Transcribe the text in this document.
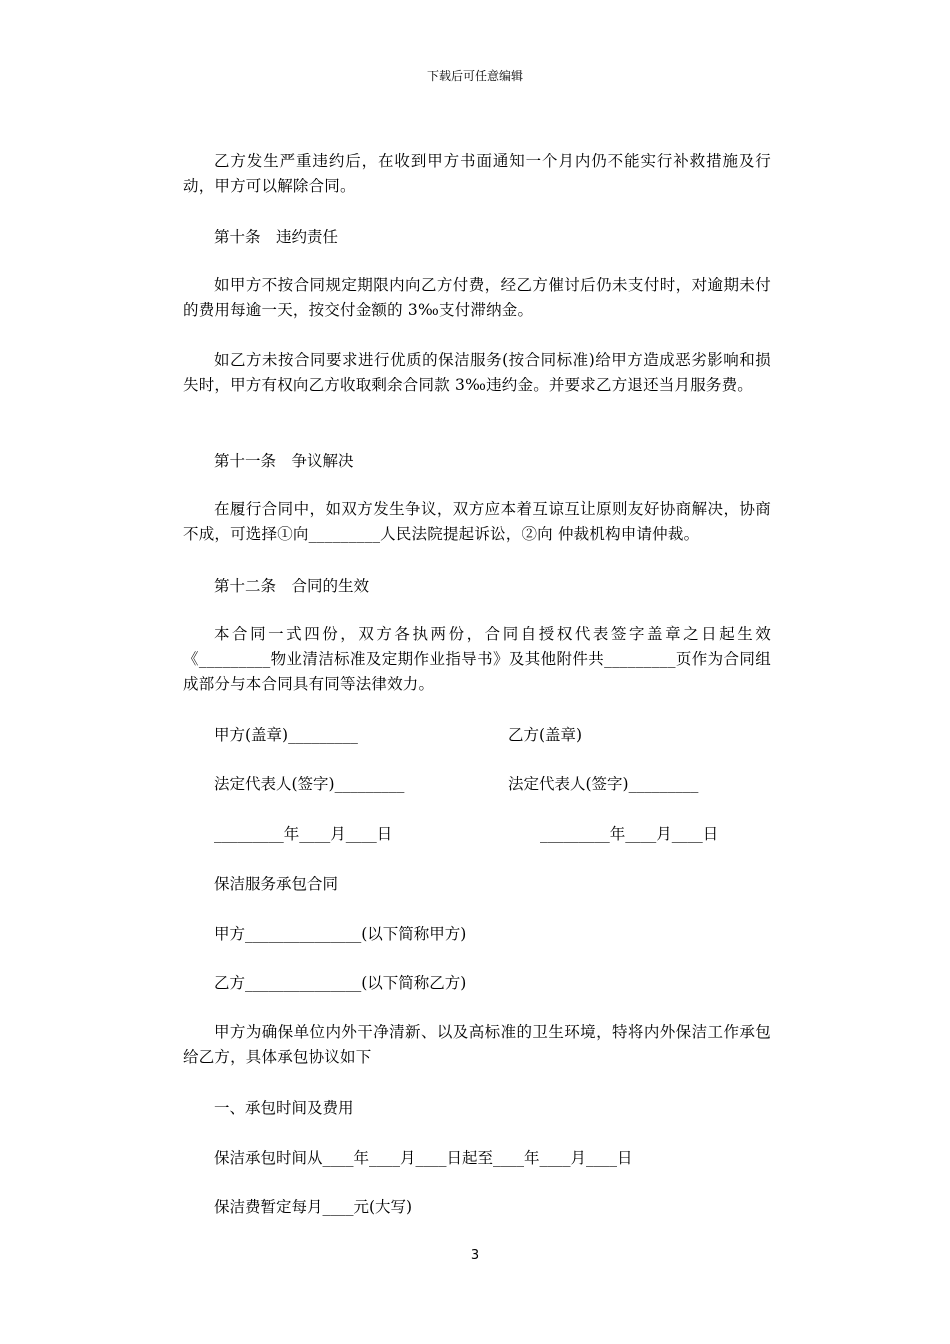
下载后可任意编辑
乙方发生严重违约后，在收到甲方书面通知一个月内仍不能实行补救措施及行动，甲方可以解除合同。
第十条　违约责任
如甲方不按合同规定期限内向乙方付费，经乙方催讨后仍未支付时，对逾期未付的费用每逾一天，按交付金额的 3‰支付滞纳金。
如乙方未按合同要求进行优质的保洁服务(按合同标准)给甲方造成恶劣影响和损失时，甲方有权向乙方收取剩余合同款 3‰违约金。并要求乙方退还当月服务费。
第十一条　争议解决
在履行合同中，如双方发生争议，双方应本着互谅互让原则友好协商解决，协商不成，可选择①向_________人民法院提起诉讼，②向 仲裁机构申请仲裁。
第十二条　合同的生效
本合同一式四份，双方各执两份，合同自授权代表签字盖章之日起生效《_________物业清洁标准及定期作业指导书》及其他附件共_________页作为合同组成部分与本合同具有同等法律效力。
甲方(盖章)_________	乙方(盖章)
法定代表人(签字)_________	法定代表人(签字)_________
_________年____月____日	_________年____月____日
保洁服务承包合同
甲方_______________(以下简称甲方)
乙方_______________(以下简称乙方)
甲方为确保单位内外干净清新、以及高标准的卫生环境，特将内外保洁工作承包给乙方，具体承包协议如下
一、承包时间及费用
保洁承包时间从____年____月____日起至____年____月____日
保洁费暂定每月____元(大写)
3
